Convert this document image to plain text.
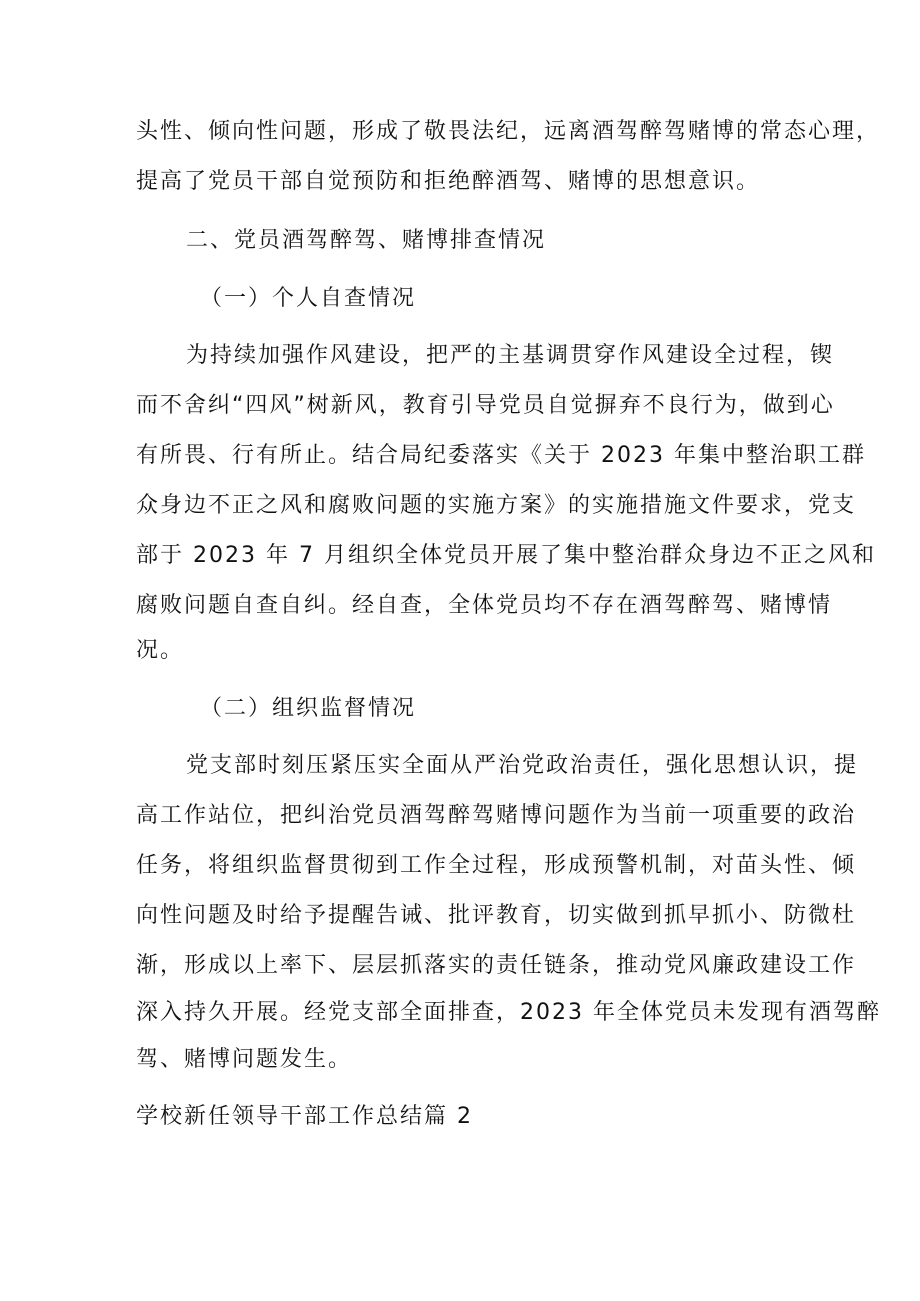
头性、倾向性问题，形成了敬畏法纪，远离酒驾醉驾赌博的常态心理，
提高了党员干部自觉预防和拒绝醉酒驾、赌博的思想意识。
二、党员酒驾醉驾、赌博排查情况
（一）个人自查情况
为持续加强作风建设，把严的主基调贯穿作风建设全过程，锲
而不舍纠“四风”树新风，教育引导党员自觉摒弃不良行为，做到心
有所畏、行有所止。结合局纪委落实《关于 2023 年集中整治职工群
众身边不正之风和腐败问题的实施方案》的实施措施文件要求，党支
部于 2023 年 7 月组织全体党员开展了集中整治群众身边不正之风和
腐败问题自查自纠。经自查，全体党员均不存在酒驾醉驾、赌博情
况。
（二）组织监督情况
党支部时刻压紧压实全面从严治党政治责任，强化思想认识，提
高工作站位，把纠治党员酒驾醉驾赌博问题作为当前一项重要的政治
任务，将组织监督贯彻到工作全过程，形成预警机制，对苗头性、倾
向性问题及时给予提醒告诫、批评教育，切实做到抓早抓小、防微杜
渐，形成以上率下、层层抓落实的责任链条，推动党风廉政建设工作
深入持久开展。经党支部全面排查，2023 年全体党员未发现有酒驾醉
驾、赌博问题发生。
学校新任领导干部工作总结篇 2
